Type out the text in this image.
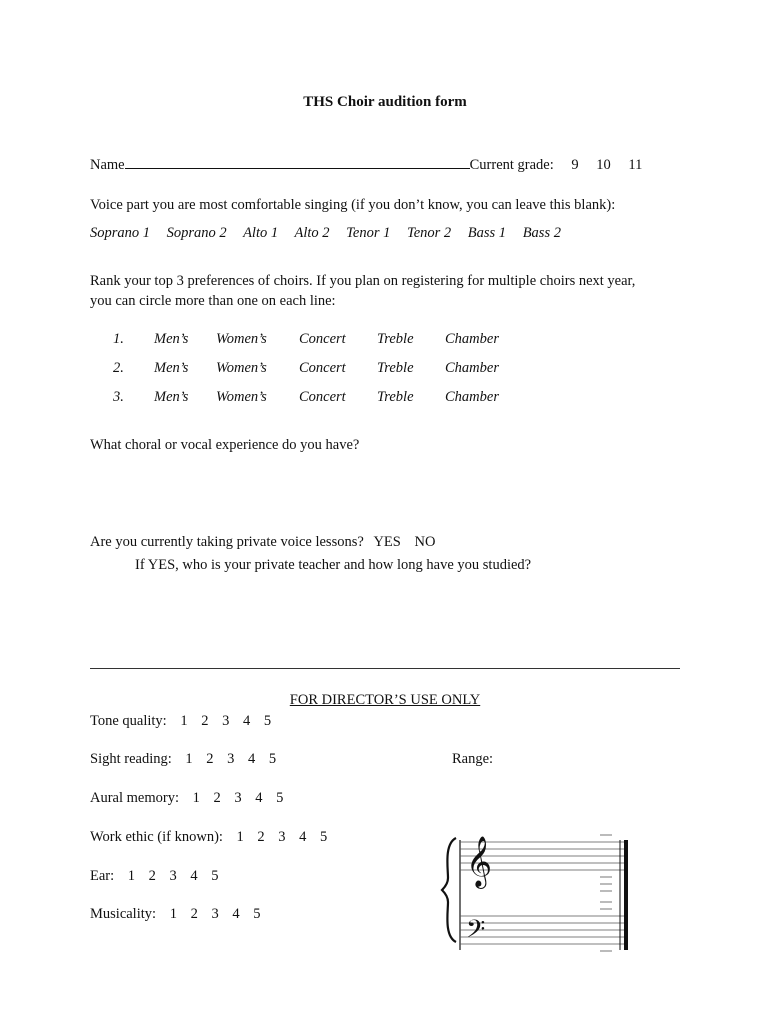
THS Choir audition form
Name	Current grade: 9 10 11
Voice part you are most comfortable singing (if you don’t know, you can leave this blank):
Soprano 1 Soprano 2 Alto 1 Alto 2 Tenor 1 Tenor 2 Bass 1 Bass 2
Rank your top 3 preferences of choirs. If you plan on registering for multiple choirs next year,
you can circle more than one on each line:
1. Men’s Women’s Concert Treble Chamber
2. Men’s Women’s Concert Treble Chamber
3. Men’s Women’s Concert Treble Chamber
What choral or vocal experience do you have?
Are you currently taking private voice lessons? YES NO
If YES, who is your private teacher and how long have you studied?
FOR DIRECTOR’S USE ONLY
Tone quality: 1 2 3 4 5
Sight reading: 1 2 3 4 5	Range:
Aural memory: 1 2 3 4 5
Work ethic (if known): 1 2 3 4 5
Ear: 1 2 3 4 5
Musicality: 1 2 3 4 5
𝄞
𝄢
